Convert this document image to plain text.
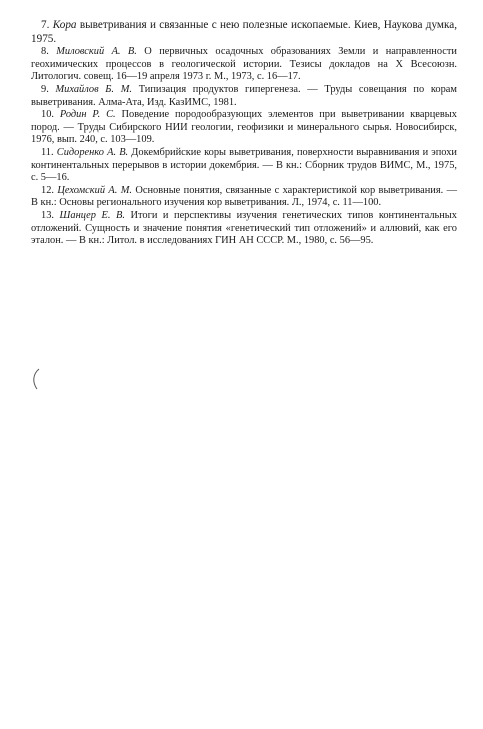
7. Кора выветривания и связанные с нею полезные ископаемые. Киев, Наукова думка, 1975.

8. Миловский А. В. О первичных осадочных образованиях Земли и направленности геохимических процессов в геологической истории. Тезисы докладов на X Всесоюзн. Литологич. совещ. 16—19 апреля 1973 г. М., 1973, с. 16—17.

9. Михайлов Б. М. Типизация продуктов гипергенеза. — Труды совещания по корам выветривания. Алма-Ата, Изд. КазИМС, 1981.

10. Родин Р. С. Поведение породообразующих элементов при выветривании кварцевых пород. — Труды Сибирского НИИ геологии, геофизики и минерального сырья. Новосибирск, 1976, вып. 240, с. 103—109.

11. Сидоренко А. В. Докембрийские коры выветривания, поверхности выравнивания и эпохи континентальных перерывов в истории докембрия. — В кн.: Сборник трудов ВИМС, М., 1975, с. 5—16.

12. Цехомский А. М. Основные понятия, связанные с характеристикой кор выветривания. — В кн.: Основы регионального изучения кор выветривания. Л., 1974, с. 11—100.

13. Шанцер Е. В. Итоги и перспективы изучения генетических типов континентальных отложений. Сущность и значение понятия «генетический тип отложений» и аллювий, как его эталон. — В кн.: Литол. в исследованиях ГИН АН СССР. М., 1980, с. 56—95.
